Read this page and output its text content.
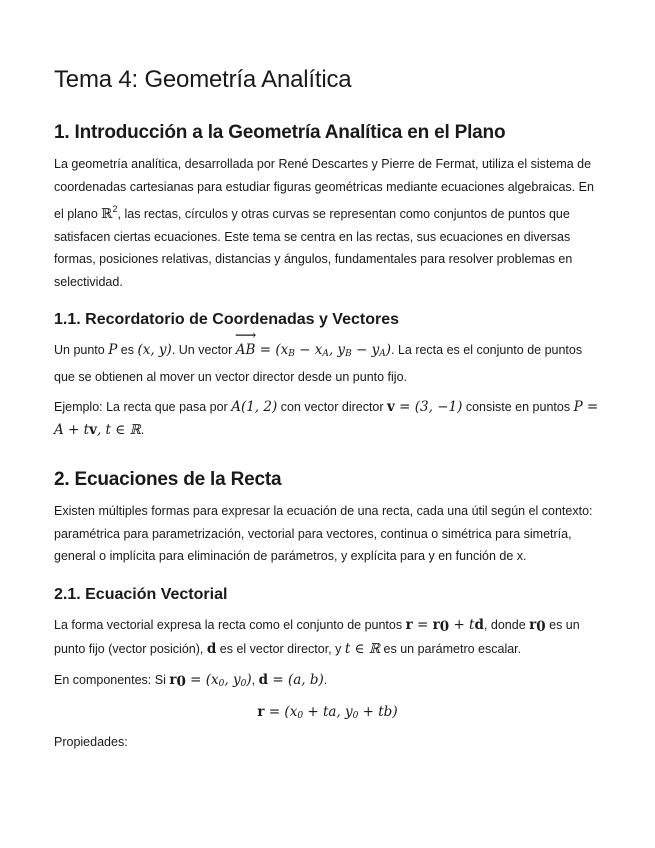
Tema 4: Geometría Analítica
1. Introducción a la Geometría Analítica en el Plano

La geometría analítica, desarrollada por René Descartes y Pierre de Fermat, utiliza el sistema de coordenadas cartesianas para estudiar figuras geométricas mediante ecuaciones algebraicas. En el plano ℝ$^2$, las rectas, círculos y otras curvas se representan como conjuntos de puntos que satisfacen ciertas ecuaciones. Este tema se centra en las rectas, sus ecuaciones en diversas formas, posiciones relativas, distancias y ángulos, fundamentales para resolver problemas en selectividad.

1.1. Recordatorio de Coordenadas y Vectores

Un punto P es (x, y). Un vector ⟶ AB = ($x_B - x_A$, $y_B - y_A$). La recta es el conjunto de puntos que se obtienen al mover un vector director desde un punto fijo.

Ejemplo: La recta que pasa por A(1, 2) con vector director v = (3, −1) consiste en puntos P = A + tv, t ∈ ℝ.

2. Ecuaciones de la Recta

Existen múltiples formas para expresar la ecuación de una recta, cada una útil según el contexto: paramétrica para parametrización, vectorial para vectores, continua o simétrica para simetría, general o implícita para eliminación de parámetros, y explícita para y en función de x.

2.1. Ecuación Vectorial

La forma vectorial expresa la recta como el conjunto de puntos $r = r_0$ + td, donde $r_0$ es un punto fijo (vector posición), d es el vector director, y t ∈ ℝ es un parámetro escalar.

En componentes: Si $r_0 = (x_0$, $y_0$), d = (a, b).

$r = (x_0$ + ta, $y_0 + tb$)

Propiedades:
